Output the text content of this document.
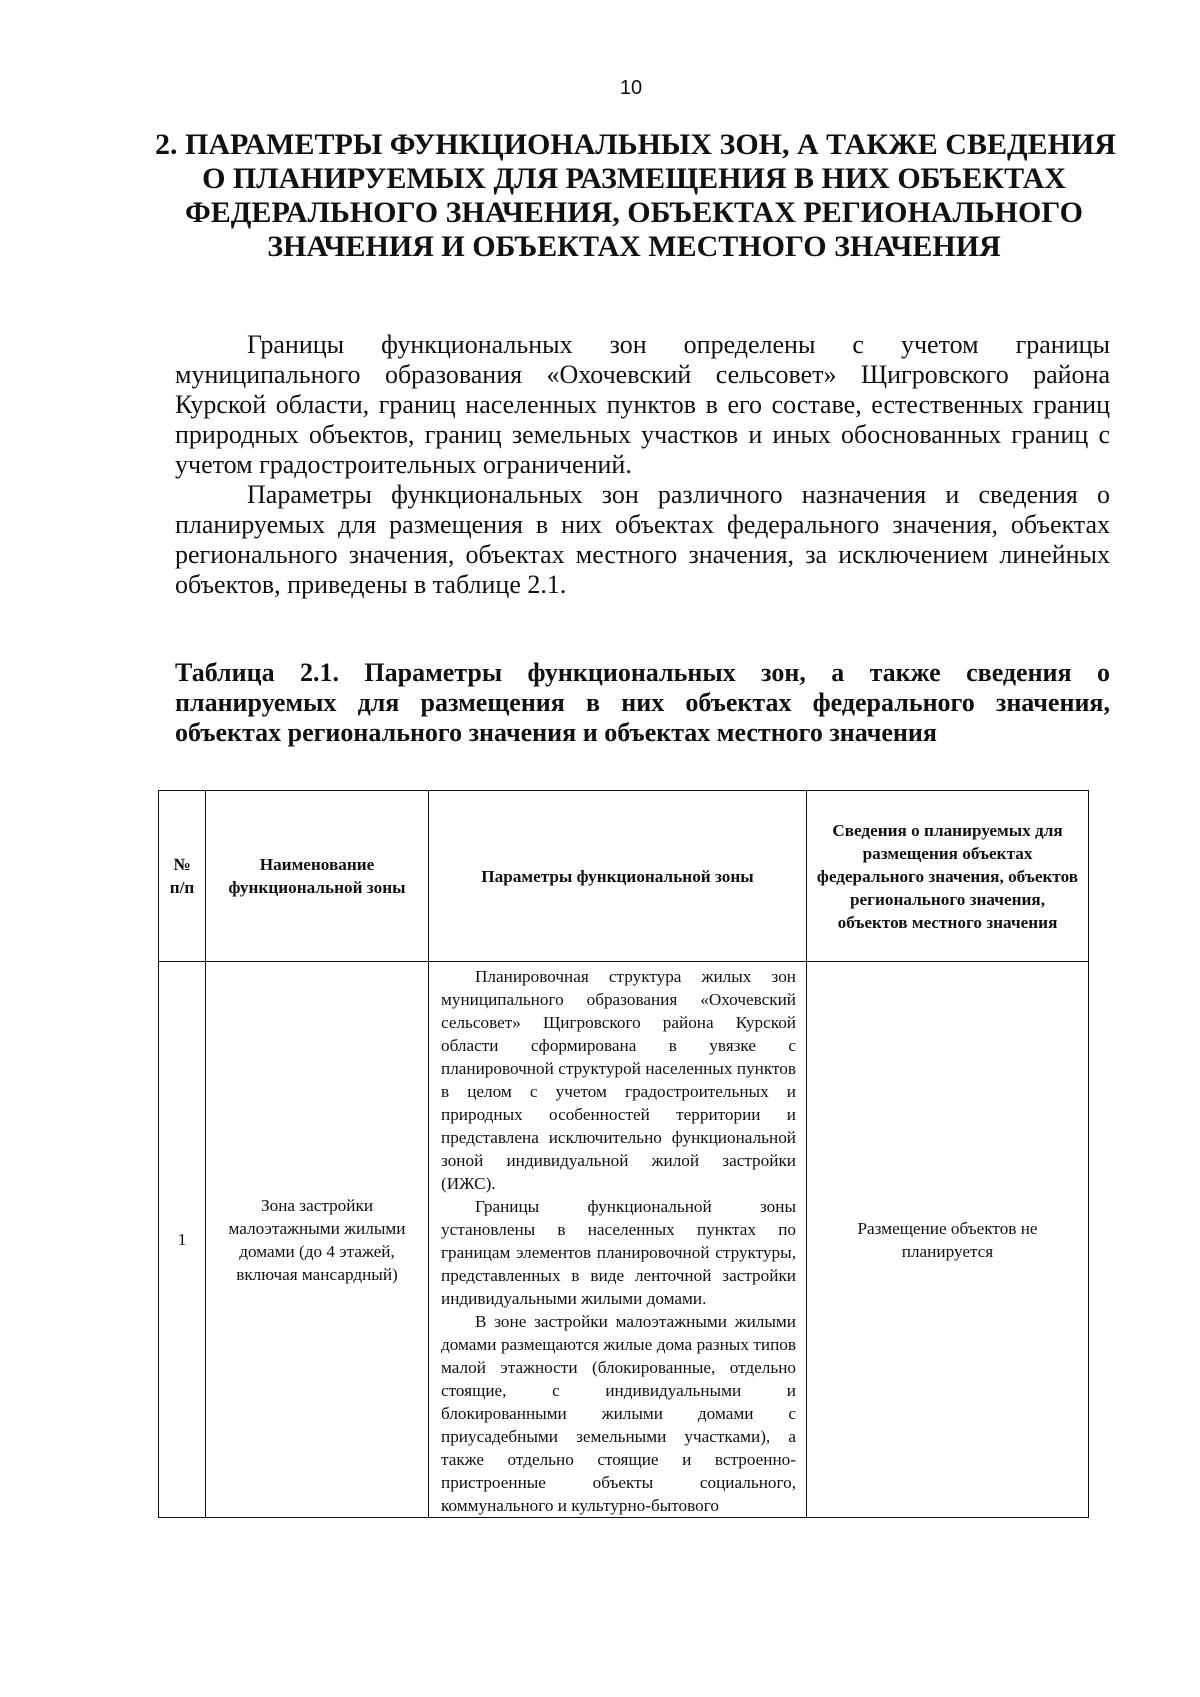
10
2. ПАРАМЕТРЫ ФУНКЦИОНАЛЬНЫХ ЗОН, А ТАКЖЕ СВЕДЕНИЯ
О ПЛАНИРУЕМЫХ ДЛЯ РАЗМЕЩЕНИЯ В НИХ ОБЪЕКТАХ
ФЕДЕРАЛЬНОГО ЗНАЧЕНИЯ, ОБЪЕКТАХ РЕГИОНАЛЬНОГО
ЗНАЧЕНИЯ И ОБЪЕКТАХ МЕСТНОГО ЗНАЧЕНИЯ

Границы функциональных зон определены с учетом границы муниципального образования «Охочевский сельсовет» Щигровского района Курской области, границ населенных пунктов в его составе, естественных границ природных объектов, границ земельных участков и иных обоснованных границ с учетом градостроительных ограничений.

Параметры функциональных зон различного назначения и сведения о планируемых для размещения в них объектах федерального значения, объектах регионального значения, объектах местного значения, за исключением линейных объектов, приведены в таблице 2.1.

Таблица 2.1. Параметры функциональных зон, а также сведения о
планируемых для размещения в них объектах федерального значения,
объектах регионального значения и объектах местного значения
№ п/п	Наименование функциональной зоны	Параметры функциональной зоны	Сведения о планируемых для размещения объектах федерального значения, объектов регионального значения, объектов местного значения
1	Зона застройки малоэтажными жилыми домами (до 4 этажей, включая мансардный)	Планировочная структура жилых зон муниципального образования «Охочевский сельсовет» Щигровского района Курской области сформирована в увязке с планировочной структурой населенных пунктов в целом с учетом градостроительных и природных особенностей территории и представлена исключительно функциональной зоной индивидуальной жилой застройки (ИЖС).

Границы функциональной зоны установлены в населенных пунктах по границам элементов планировочной структуры, представленных в виде ленточной застройки индивидуальными жилыми домами.

В зоне застройки малоэтажными жилыми домами размещаются жилые дома разных типов малой этажности (блокированные, отдельно стоящие, с индивидуальными и блокированными жилыми домами с приусадебными земельными участками), а также отдельно стоящие и встроенно-пристроенные объекты социального, коммунального и культурно-бытового	Размещение объектов не планируется
